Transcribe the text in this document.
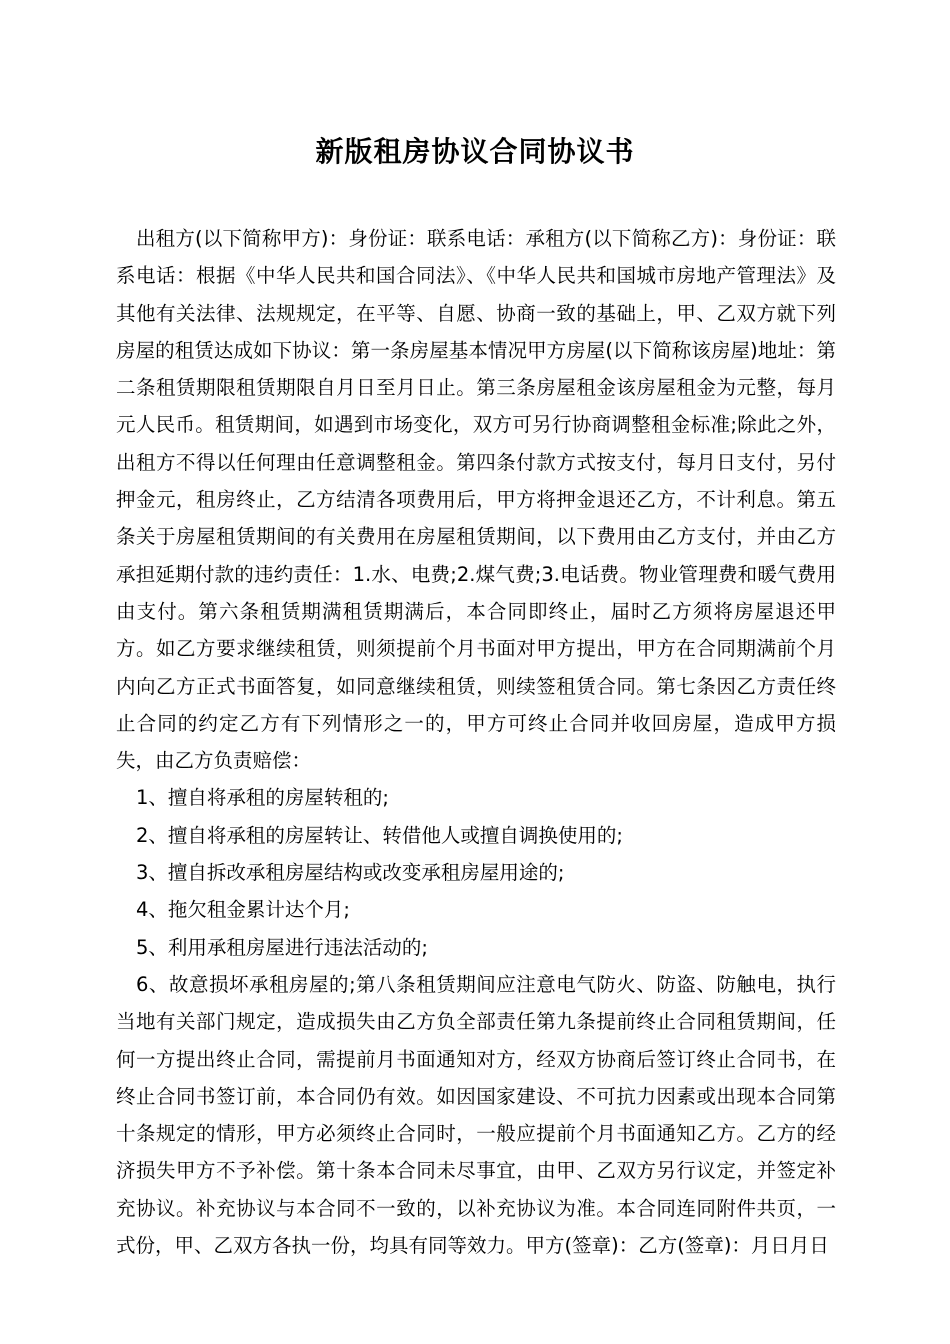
新版租房协议合同协议书

出租方(以下简称甲方)：身份证：联系电话：承租方(以下简称乙方)：身份证：联系电话：根据《中华人民共和国合同法》、《中华人民共和国城市房地产管理法》及其他有关法律、法规规定，在平等、自愿、协商一致的基础上，甲、乙双方就下列房屋的租赁达成如下协议：第一条房屋基本情况甲方房屋(以下简称该房屋)地址：第二条租赁期限租赁期限自月日至月日止。第三条房屋租金该房屋租金为元整，每月元人民币。租赁期间，如遇到市场变化，双方可另行协商调整租金标准;除此之外，出租方不得以任何理由任意调整租金。第四条付款方式按支付，每月日支付，另付押金元，租房终止，乙方结清各项费用后，甲方将押金退还乙方，不计利息。第五条关于房屋租赁期间的有关费用在房屋租赁期间，以下费用由乙方支付，并由乙方承担延期付款的违约责任：1.水、电费;2.煤气费;3.电话费。物业管理费和暖气费用由支付。第六条租赁期满租赁期满后，本合同即终止，届时乙方须将房屋退还甲方。如乙方要求继续租赁，则须提前个月书面对甲方提出，甲方在合同期满前个月内向乙方正式书面答复，如同意继续租赁，则续签租赁合同。第七条因乙方责任终止合同的约定乙方有下列情形之一的，甲方可终止合同并收回房屋，造成甲方损失，由乙方负责赔偿：

1、擅自将承租的房屋转租的;

2、擅自将承租的房屋转让、转借他人或擅自调换使用的;

3、擅自拆改承租房屋结构或改变承租房屋用途的;

4、拖欠租金累计达个月;

5、利用承租房屋进行违法活动的;

6、故意损坏承租房屋的;第八条租赁期间应注意电气防火、防盗、防触电，执行当地有关部门规定，造成损失由乙方负全部责任第九条提前终止合同租赁期间，任何一方提出终止合同，需提前月书面通知对方，经双方协商后签订终止合同书，在终止合同书签订前，本合同仍有效。如因国家建设、不可抗力因素或出现本合同第十条规定的情形，甲方必须终止合同时，一般应提前个月书面通知乙方。乙方的经济损失甲方不予补偿。第十条本合同未尽事宜，由甲、乙双方另行议定，并签定补充协议。补充协议与本合同不一致的，以补充协议为准。本合同连同附件共页，一式份，甲、乙双方各执一份，均具有同等效力。甲方(签章)：乙方(签章)：月日月日
